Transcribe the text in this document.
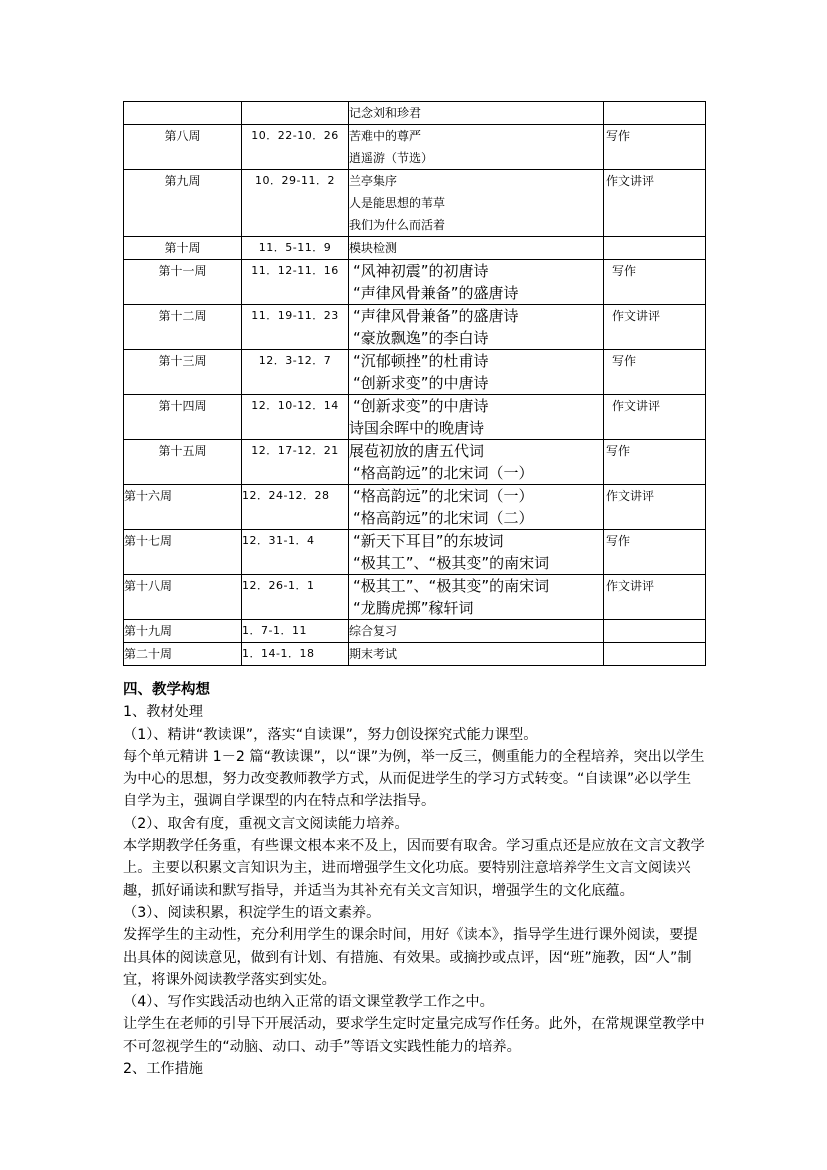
		记念刘和珍君	

第八周	10．22-10．26	苦难中的尊严
逍遥游（节选）	写作
第九周	10．29-11．2	兰亭集序
人是能思想的苇草
我们为什么而活着	作文讲评
第十周	11．5-11．9	模块检测	

第十一周	11．12-11．16	“风神初震”的初唐诗
“声律风骨兼备”的盛唐诗	写作
第十二周	11．19-11．23	“声律风骨兼备”的盛唐诗
“豪放飘逸”的李白诗	作文讲评
第十三周	12．3-12．7	“沉郁顿挫”的杜甫诗
“创新求变”的中唐诗	写作
第十四周	12．10-12．14	“创新求变”的中唐诗
诗国余晖中的晚唐诗	作文讲评
第十五周	12．17-12．21	展苞初放的唐五代词
“格高韵远”的北宋词（一）	写作
第十六周	12．24-12．28	“格高韵远”的北宋词（一）
“格高韵远”的北宋词（二）	作文讲评
第十七周	12．31-1．4	“新天下耳目”的东坡词
“极其工”、“极其变”的南宋词	写作
第十八周	12．26-1．1	“极其工”、“极其变”的南宋词
“龙腾虎掷”稼轩词	作文讲评
第十九周	1．7-1．11	综合复习	

第二十周	1．14-1．18	期末考试	

四、教学构想

1、教材处理

（1）、精讲“教读课”，落实“自读课”，努力创设探究式能力课型。

每个单元精讲 1－2 篇“教读课”，以“课”为例，举一反三，侧重能力的全程培养，突出以学生为中心的思想，努力改变教师教学方式，从而促进学生的学习方式转变。“自读课”必以学生自学为主，强调自学课型的内在特点和学法指导。

（2）、取舍有度，重视文言文阅读能力培养。

本学期教学任务重，有些课文根本来不及上，因而要有取舍。学习重点还是应放在文言文教学上。主要以积累文言知识为主，进而增强学生文化功底。要特别注意培养学生文言文阅读兴趣，抓好诵读和默写指导，并适当为其补充有关文言知识，增强学生的文化底蕴。

（3）、阅读积累，积淀学生的语文素养。

发挥学生的主动性，充分利用学生的课余时间，用好《读本》，指导学生进行课外阅读，要提出具体的阅读意见，做到有计划、有措施、有效果。或摘抄或点评，因“班”施教，因“人”制宜，将课外阅读教学落实到实处。

（4）、写作实践活动也纳入正常的语文课堂教学工作之中。

让学生在老师的引导下开展活动，要求学生定时定量完成写作任务。此外，在常规课堂教学中不可忽视学生的“动脑、动口、动手”等语文实践性能力的培养。

2、工作措施
